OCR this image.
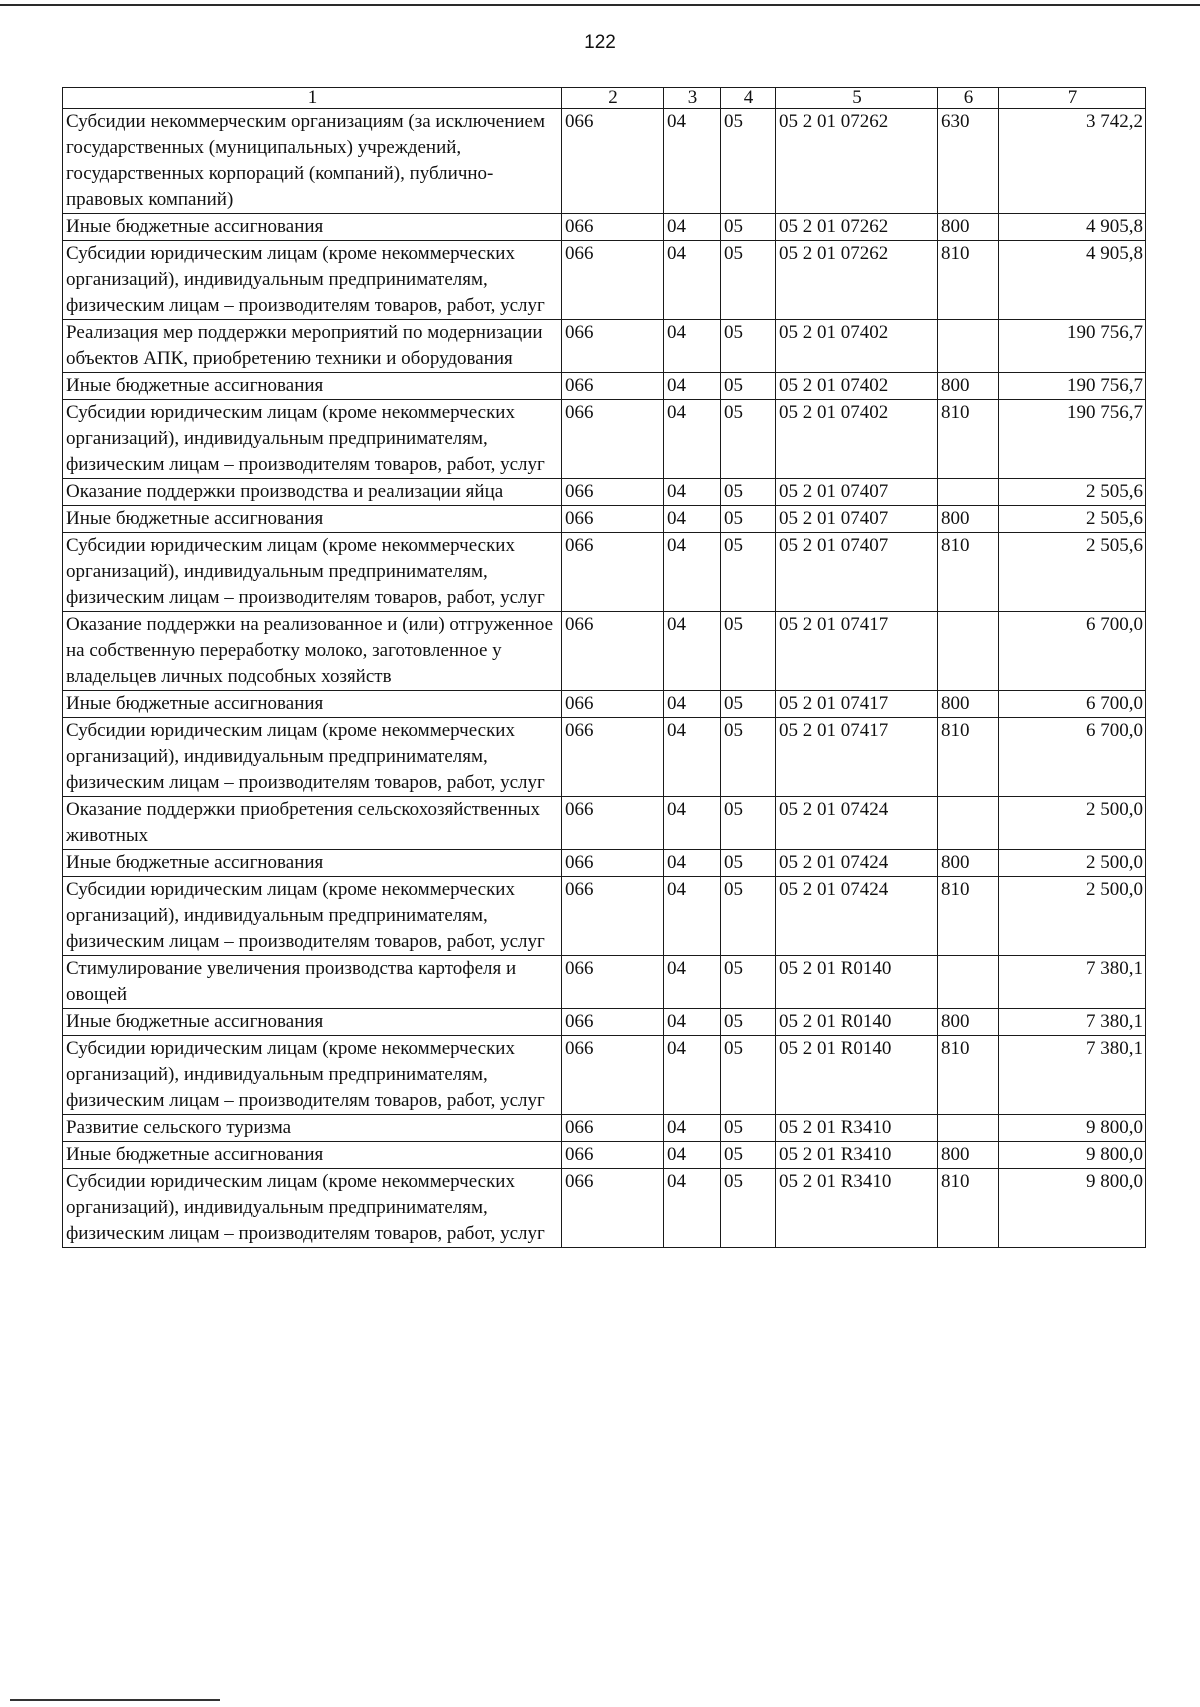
122
1	2	3	4	5	6	7
Субсидии некоммерческим организациям (за исключением государственных (муниципальных) учреждений, государственных корпораций (компаний), публично-правовых компаний)	066	04	05	05 2 01 07262	630	3 742,2
Иные бюджетные ассигнования	066	04	05	05 2 01 07262	800	4 905,8
Субсидии юридическим лицам (кроме некоммерческих организаций), индивидуальным предпринимателям, физическим лицам – производителям товаров, работ, услуг	066	04	05	05 2 01 07262	810	4 905,8
Реализация мер поддержки мероприятий по модернизации объектов АПК, приобретению техники и оборудования	066	04	05	05 2 01 07402		190 756,7
Иные бюджетные ассигнования	066	04	05	05 2 01 07402	800	190 756,7
Субсидии юридическим лицам (кроме некоммерческих организаций), индивидуальным предпринимателям, физическим лицам – производителям товаров, работ, услуг	066	04	05	05 2 01 07402	810	190 756,7
Оказание поддержки производства и реализации яйца	066	04	05	05 2 01 07407		2 505,6
Иные бюджетные ассигнования	066	04	05	05 2 01 07407	800	2 505,6
Субсидии юридическим лицам (кроме некоммерческих организаций), индивидуальным предпринимателям, физическим лицам – производителям товаров, работ, услуг	066	04	05	05 2 01 07407	810	2 505,6
Оказание поддержки на реализованное и (или) отгруженное на собственную переработку молоко, заготовленное у владельцев личных подсобных хозяйств	066	04	05	05 2 01 07417		6 700,0
Иные бюджетные ассигнования	066	04	05	05 2 01 07417	800	6 700,0
Субсидии юридическим лицам (кроме некоммерческих организаций), индивидуальным предпринимателям, физическим лицам – производителям товаров, работ, услуг	066	04	05	05 2 01 07417	810	6 700,0
Оказание поддержки приобретения сельскохозяйственных животных	066	04	05	05 2 01 07424		2 500,0
Иные бюджетные ассигнования	066	04	05	05 2 01 07424	800	2 500,0
Субсидии юридическим лицам (кроме некоммерческих организаций), индивидуальным предпринимателям, физическим лицам – производителям товаров, работ, услуг	066	04	05	05 2 01 07424	810	2 500,0
Стимулирование увеличения производства картофеля и овощей	066	04	05	05 2 01 R0140		7 380,1
Иные бюджетные ассигнования	066	04	05	05 2 01 R0140	800	7 380,1
Субсидии юридическим лицам (кроме некоммерческих организаций), индивидуальным предпринимателям, физическим лицам – производителям товаров, работ, услуг	066	04	05	05 2 01 R0140	810	7 380,1
Развитие сельского туризма	066	04	05	05 2 01 R3410		9 800,0
Иные бюджетные ассигнования	066	04	05	05 2 01 R3410	800	9 800,0
Субсидии юридическим лицам (кроме некоммерческих организаций), индивидуальным предпринимателям, физическим лицам – производителям товаров, работ, услуг	066	04	05	05 2 01 R3410	810	9 800,0
